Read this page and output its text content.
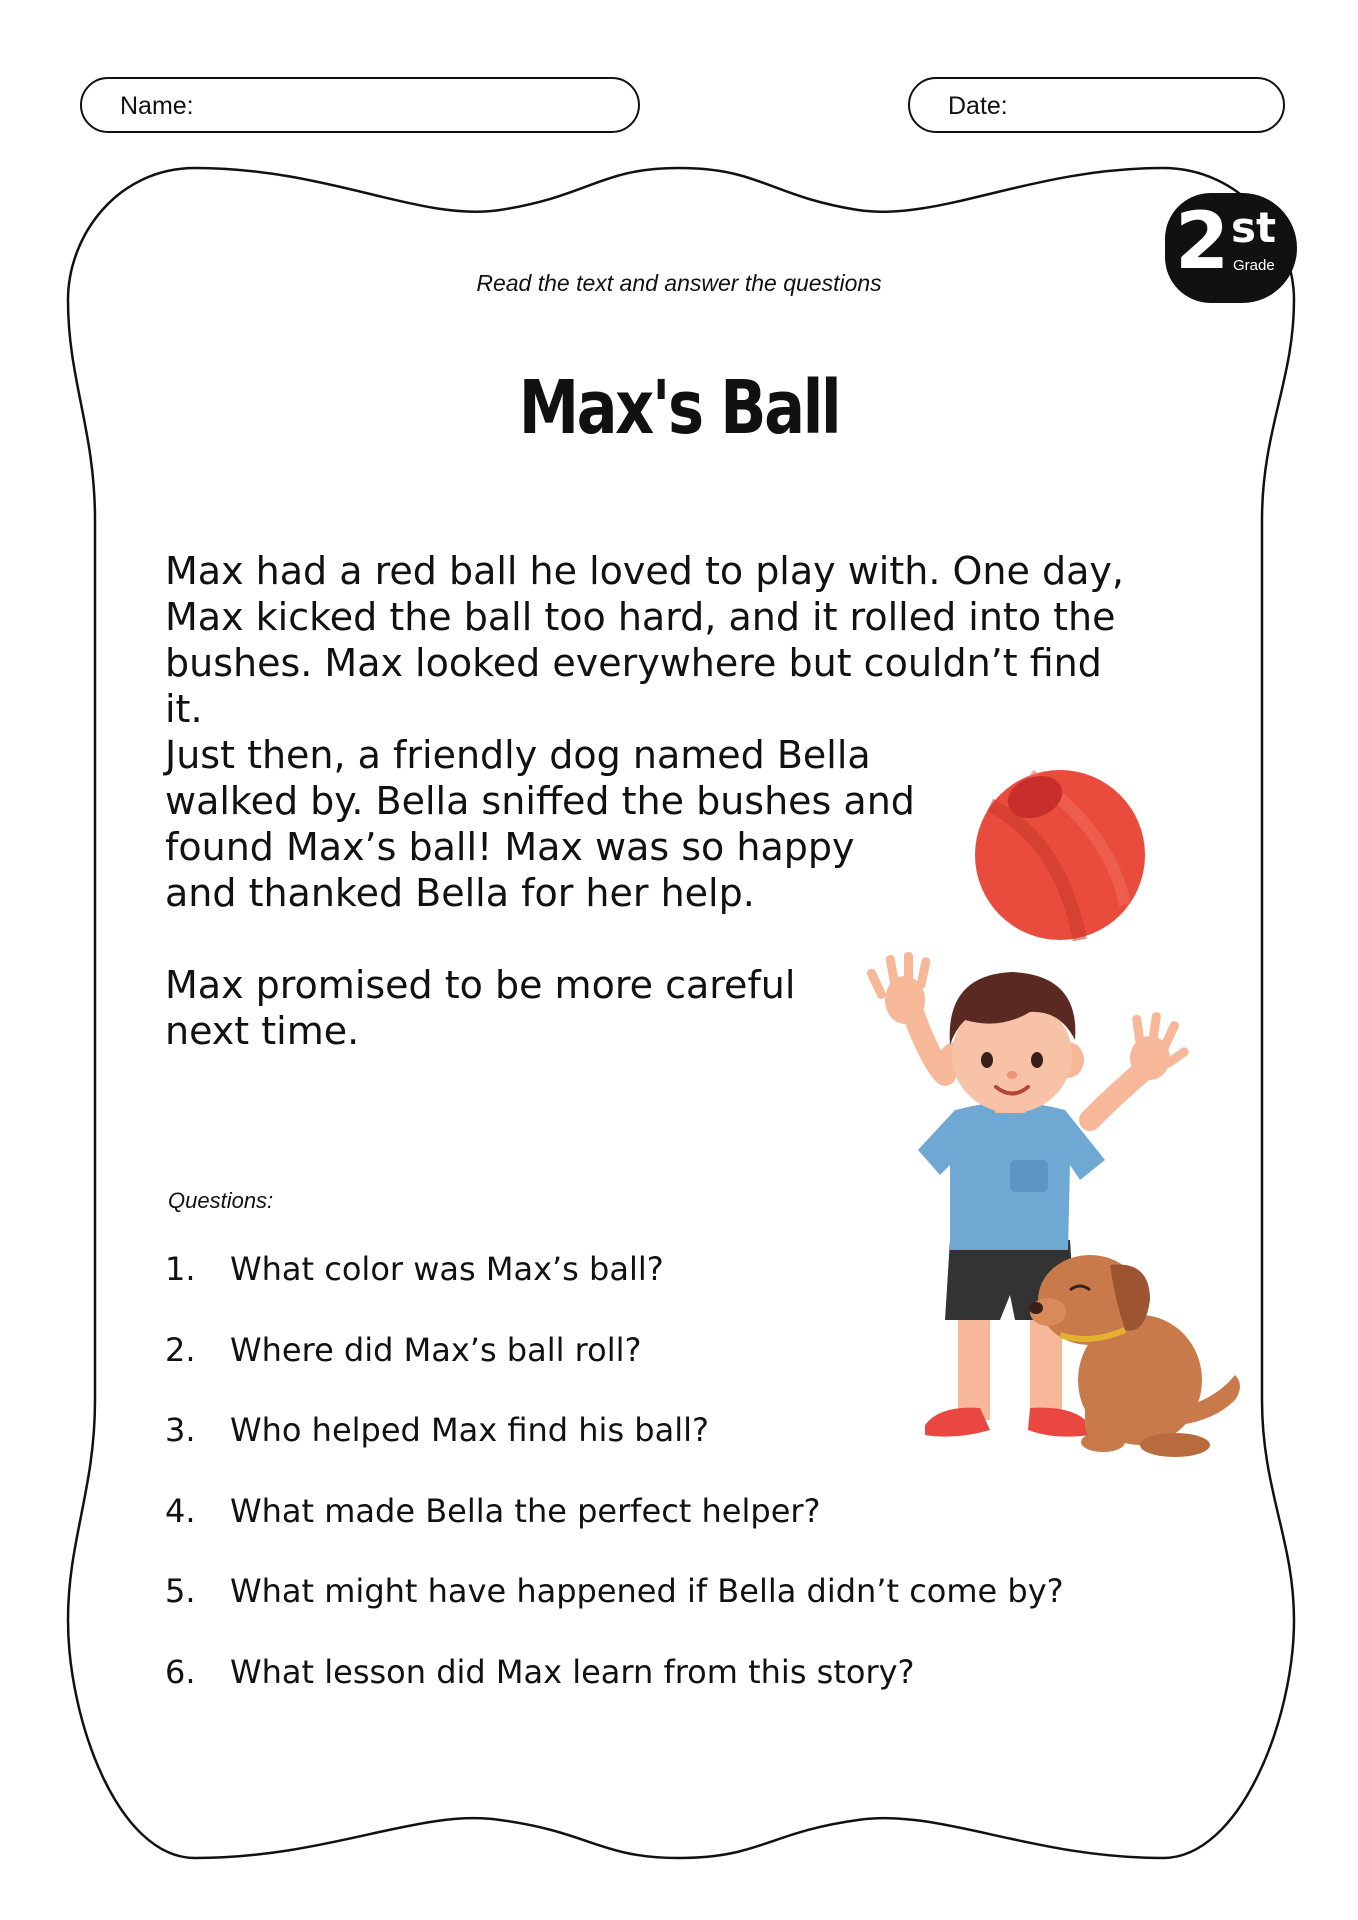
Name:	Date:
2 st
Grade
Read the text and answer the questions
Max's Ball

Max had a red ball he loved to play with. One day, Max kicked the ball too hard, and it rolled into the bushes. Max looked everywhere but couldn’t find it.

Just then, a friendly dog named Bella walked by. Bella sniffed the bushes and found Max’s ball! Max was so happy and thanked Bella for her help.

Max promised to be more careful next time.

Questions:
1. What color was Max’s ball?
2. Where did Max’s ball roll?
3. Who helped Max find his ball?
4. What made Bella the perfect helper?
5. What might have happened if Bella didn’t come by?
6. What lesson did Max learn from this story?
